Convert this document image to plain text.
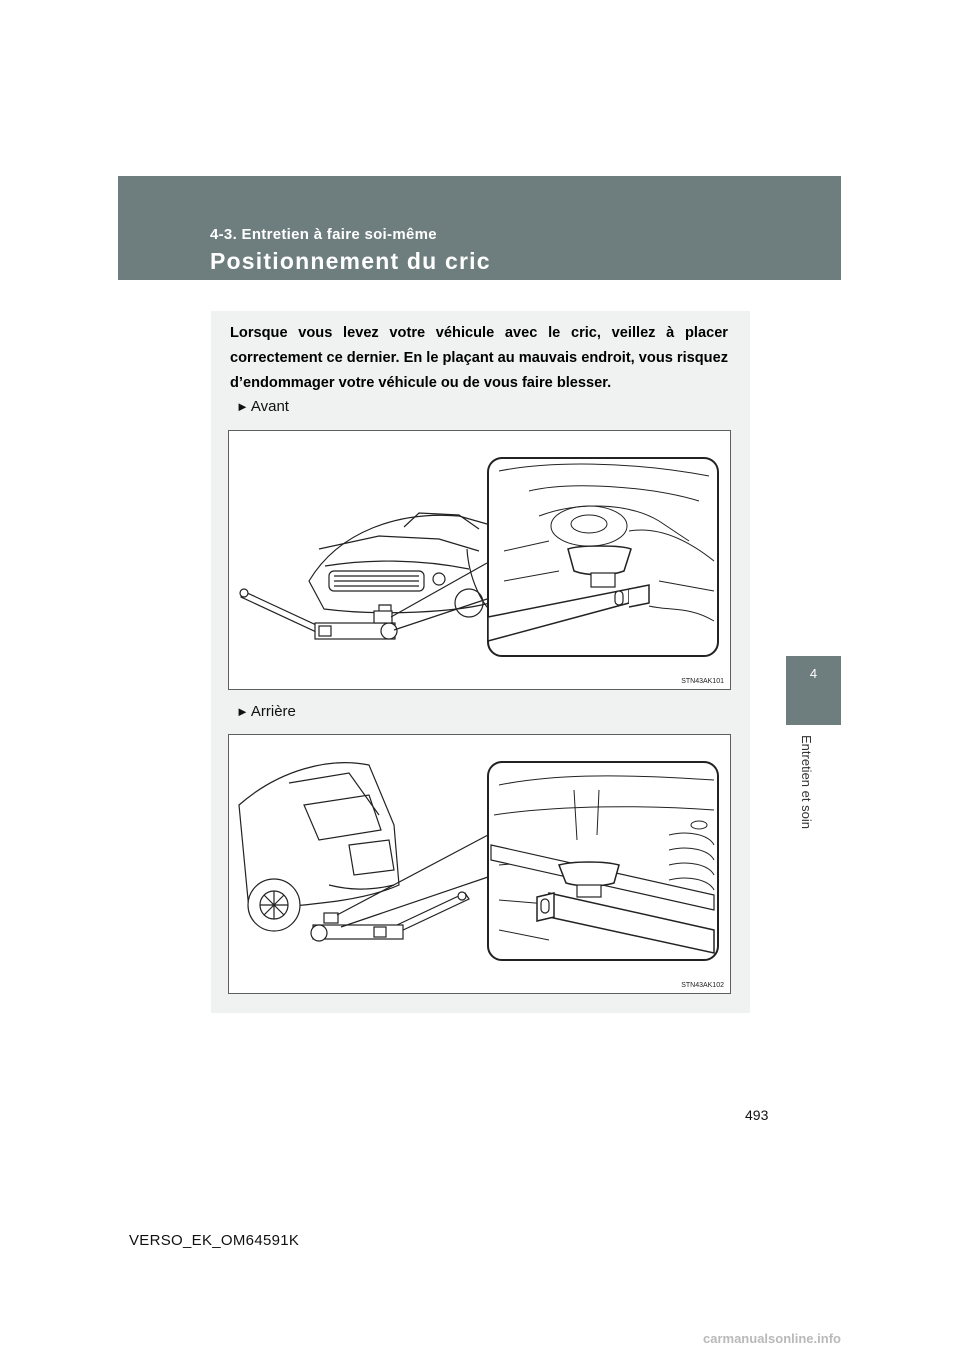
4-3. Entretien à faire soi-même
Positionnement du cric
4
Entretien et soin

Lorsque vous levez votre véhicule avec le cric, veillez à placer correctement ce dernier. En le plaçant au mauvais endroit, vous risquez d’endommager votre véhicule ou de vous faire blesser.

► Avant
STN43AK101
► Arrière
STN43AK102
493
VERSO_EK_OM64591K
carmanualsonline.info
